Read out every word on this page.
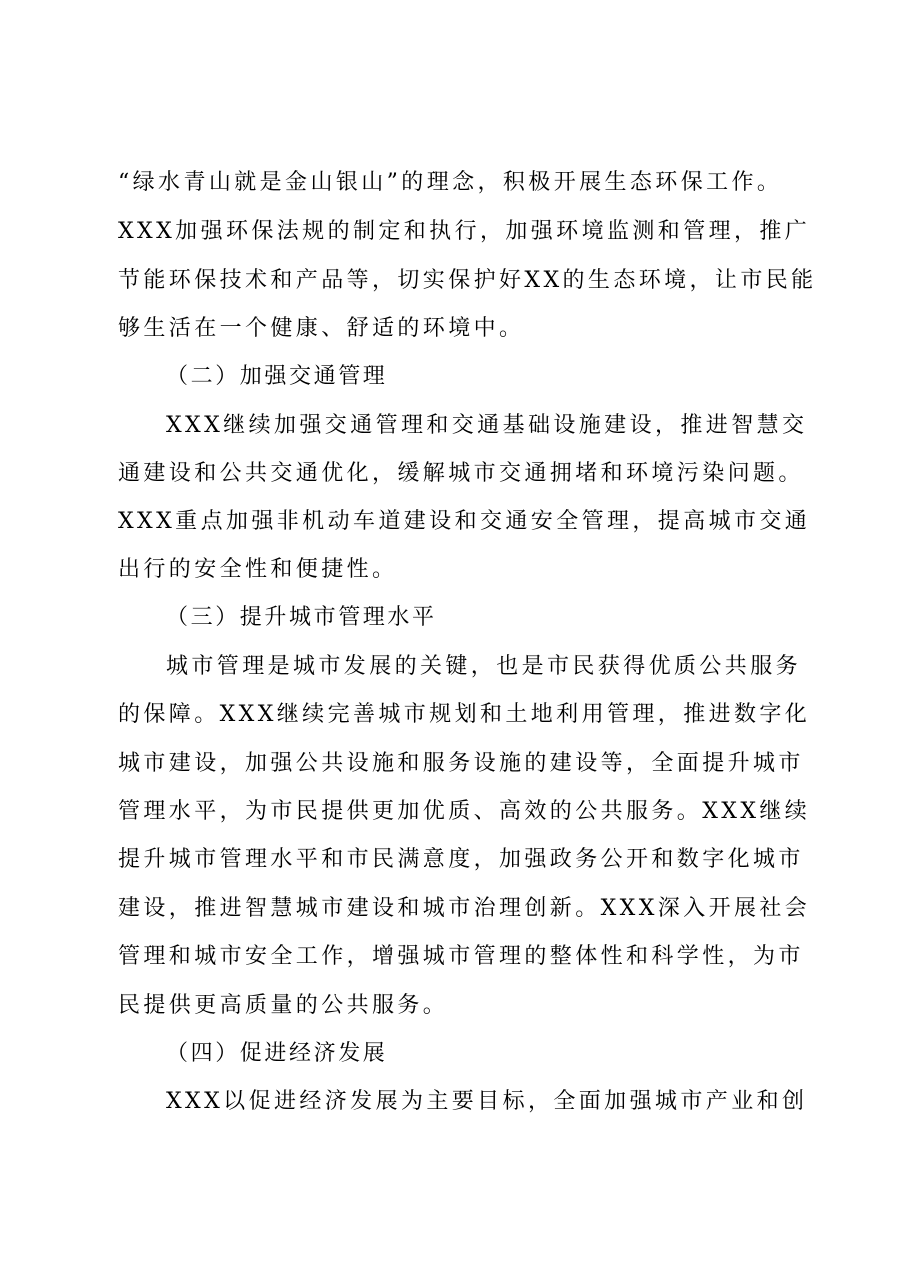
“绿水青山就是金山银山”的理念，积极开展生态环保工作。
XXX加强环保法规的制定和执行，加强环境监测和管理，推广
节能环保技术和产品等，切实保护好XX的生态环境，让市民能
够生活在一个健康、舒适的环境中。
（二）加强交通管理
XXX继续加强交通管理和交通基础设施建设，推进智慧交
通建设和公共交通优化，缓解城市交通拥堵和环境污染问题。
XXX重点加强非机动车道建设和交通安全管理，提高城市交通
出行的安全性和便捷性。
（三）提升城市管理水平
城市管理是城市发展的关键，也是市民获得优质公共服务
的保障。XXX继续完善城市规划和土地利用管理，推进数字化
城市建设，加强公共设施和服务设施的建设等，全面提升城市
管理水平，为市民提供更加优质、高效的公共服务。XXX继续
提升城市管理水平和市民满意度，加强政务公开和数字化城市
建设，推进智慧城市建设和城市治理创新。XXX深入开展社会
管理和城市安全工作，增强城市管理的整体性和科学性，为市
民提供更高质量的公共服务。
（四）促进经济发展
XXX以促进经济发展为主要目标，全面加强城市产业和创
